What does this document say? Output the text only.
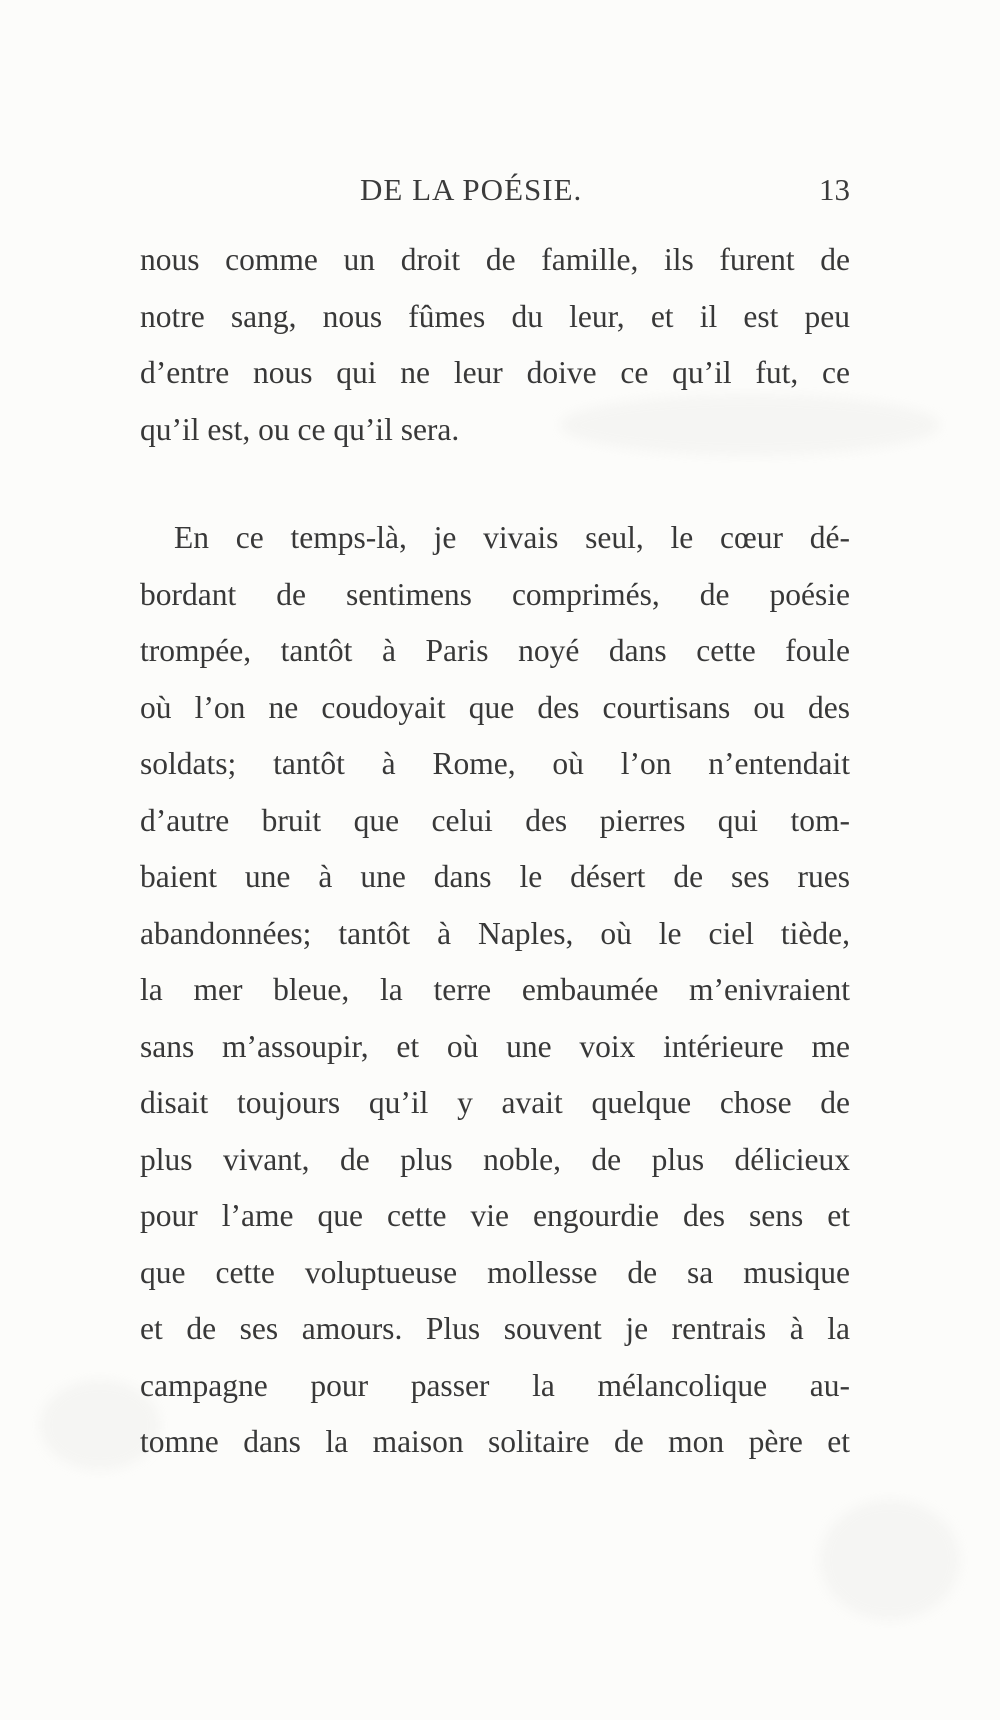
DE LA POÉSIE.	13
nous comme un droit de famille, ils furent de
notre sang, nous fûmes du leur, et il est peu
d’entre nous qui ne leur doive ce qu’il fut, ce
qu’il est, ou ce qu’il sera.
En ce temps-là, je vivais seul, le cœur dé-
bordant de sentimens comprimés, de poésie
trompée, tantôt à Paris noyé dans cette foule
où l’on ne coudoyait que des courtisans ou des
soldats; tantôt à Rome, où l’on n’entendait
d’autre bruit que celui des pierres qui tom-
baient une à une dans le désert de ses rues
abandonnées; tantôt à Naples, où le ciel tiède,
la mer bleue, la terre embaumée m’enivraient
sans m’assoupir, et où une voix intérieure me
disait toujours qu’il y avait quelque chose de
plus vivant, de plus noble, de plus délicieux
pour l’ame que cette vie engourdie des sens et
que cette voluptueuse mollesse de sa musique
et de ses amours. Plus souvent je rentrais à la
campagne pour passer la mélancolique au-
tomne dans la maison solitaire de mon père et
